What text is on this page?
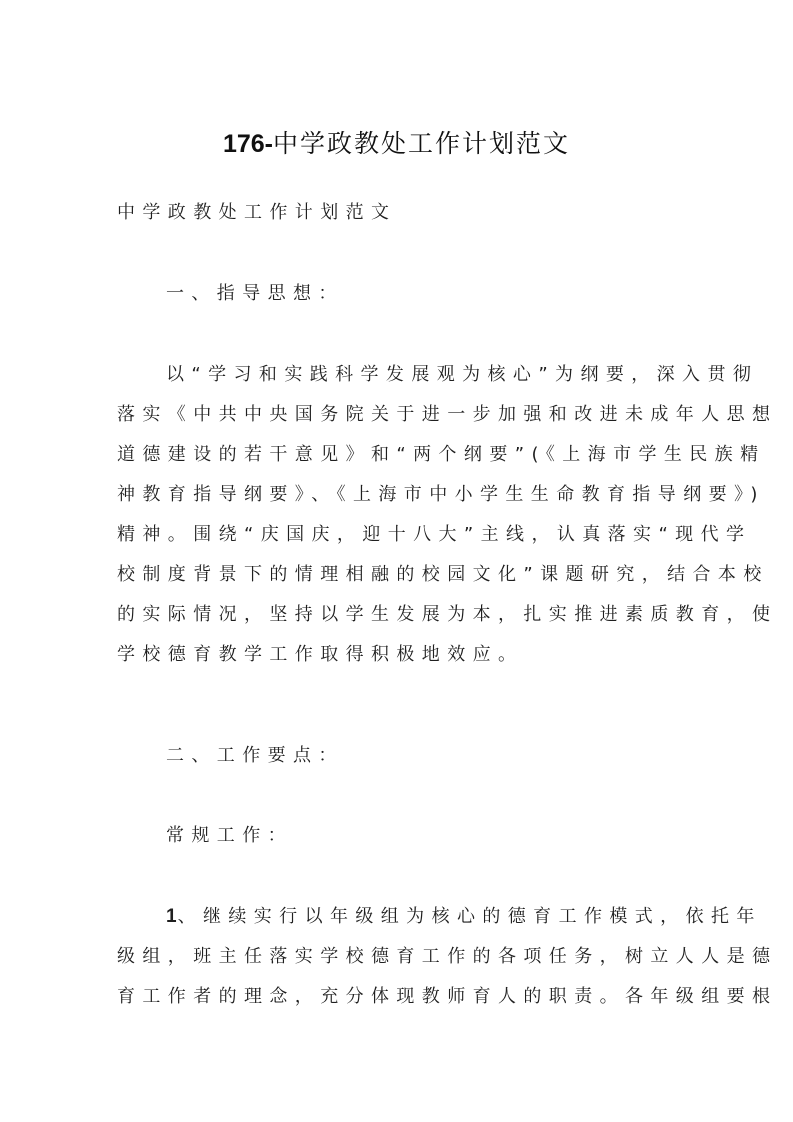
176-中学政教处工作计划范文
中学政教处工作计划范文
一、指导思想：
以“学习和实践科学发展观为核心”为纲要，深入贯彻
落实《中共中央国务院关于进一步加强和改进未成年人思想
道德建设的若干意见》和“两个纲要”(《上海市学生民族精
神教育指导纲要》、《上海市中小学生生命教育指导纲要》)
精神。围绕“庆国庆，迎十八大”主线，认真落实“现代学
校制度背景下的情理相融的校园文化”课题研究，结合本校
的实际情况，坚持以学生发展为本，扎实推进素质教育，使
学校德育教学工作取得积极地效应。
二、工作要点：
常规工作：
1、继续实行以年级组为核心的德育工作模式，依托年
级组，班主任落实学校德育工作的各项任务，树立人人是德
育工作者的理念，充分体现教师育人的职责。各年级组要根
